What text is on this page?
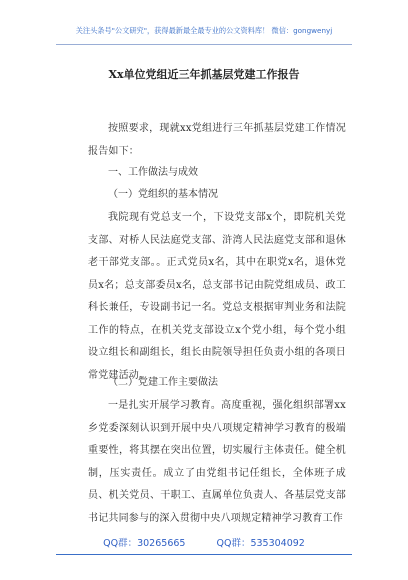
关注头条号"公文研究"，获得最新最全最专业的公文资料库！ 微信：gongwenyj
Xx单位党组近三年抓基层党建工作报告
按照要求，现就xx党组进行三年抓基层党建工作情况报告如下：
一、工作做法与成效
（一）党组织的基本情况
我院现有党总支一个，下设党支部x个，即院机关党支部、对桥人民法庭党支部、浒湾人民法庭党支部和退休老干部党支部。。正式党员x名，其中在职党x名，退休党员x名；总支部委员x名，总支部书记由院党组成员、政工科长兼任，专设副书记一名。党总支根据审判业务和法院工作的特点，在机关党支部设立x个党小组，每个党小组设立组长和副组长，组长由院领导担任负责小组的各项日常党建活动。
（二）党建工作主要做法
一是扎实开展学习教育。高度重视，强化组织部署xx乡党委深刻认识到开展中央八项规定精神学习教育的极端重要性，将其摆在突出位置，切实履行主体责任。健全机制，压实责任。成立了由党组书记任组长，全体班子成员、机关党员、干职工、直属单位负责人、各基层党支部书记共同参与的深入贯彻中央八项规定精神学习教育工作
QQ群：30265665	QQ群：535304092
